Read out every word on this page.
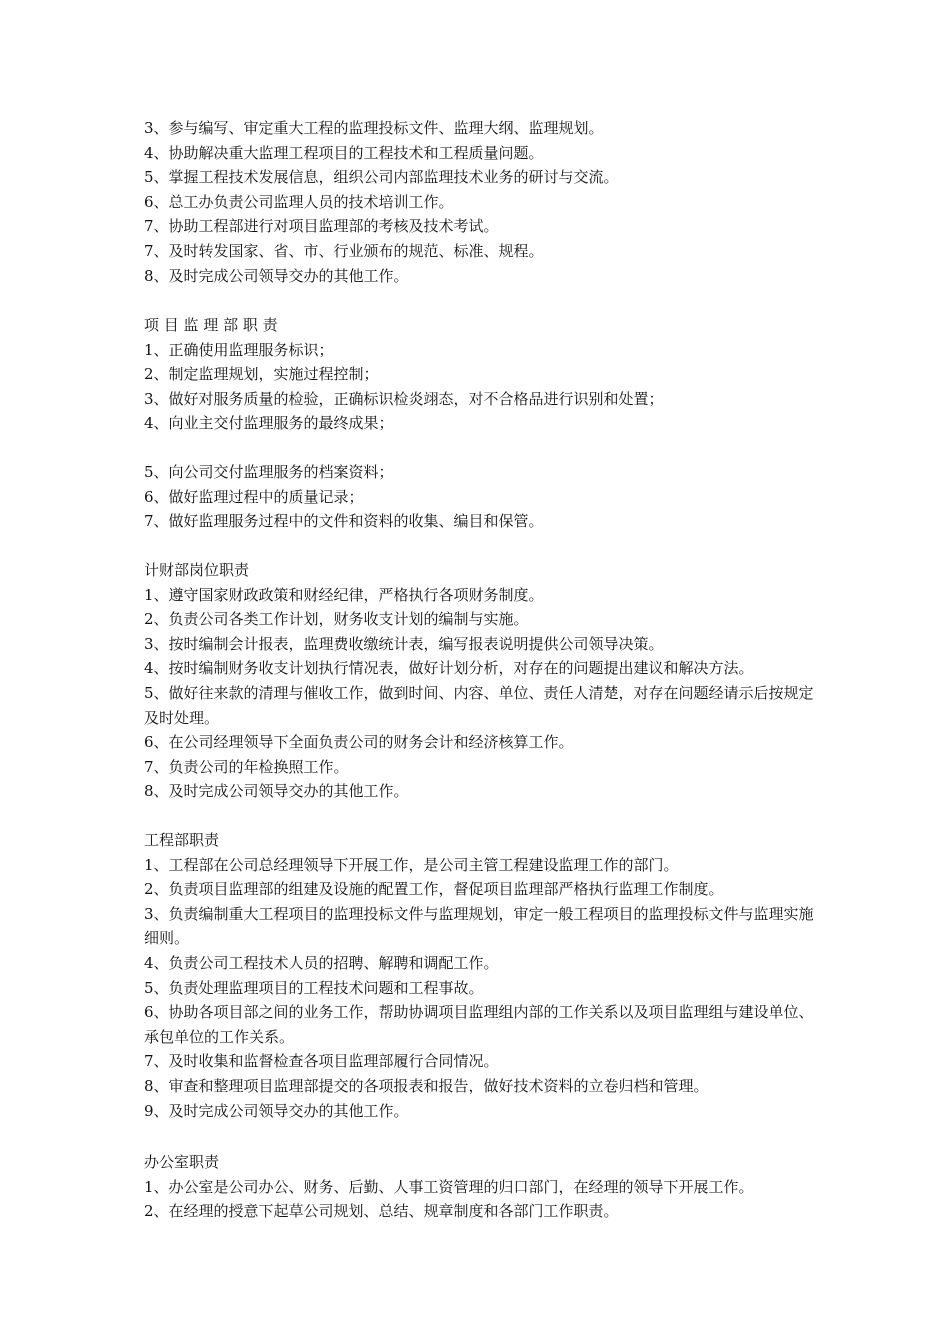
3、参与编写、审定重大工程的监理投标文件、监理大纲、监理规划。
4、协助解决重大监理工程项目的工程技术和工程质量问题。
5、掌握工程技术发展信息，组织公司内部监理技术业务的研讨与交流。
6、总工办负责公司监理人员的技术培训工作。
7、协助工程部进行对项目监理部的考核及技术考试。
7、及时转发国家、省、市、行业颁布的规范、标准、规程。
8、及时完成公司领导交办的其他工作。
项 目 监 理 部 职 责
1、正确使用监理服务标识；
2、制定监理规划，实施过程控制；
3、做好对服务质量的检验，正确标识检炎翊态，对不合格品进行识别和处置；
4、向业主交付监理服务的最终成果；
5、向公司交付监理服务的档案资料；
6、做好监理过程中的质量记录；
7、做好监理服务过程中的文件和资料的收集、编目和保管。
计财部岗位职责
1、遵守国家财政政策和财经纪律，严格执行各项财务制度。
2、负责公司各类工作计划，财务收支计划的编制与实施。
3、按时编制会计报表，监理费收缴统计表，编写报表说明提供公司领导决策。
4、按时编制财务收支计划执行情况表，做好计划分析，对存在的问题提出建议和解决方法。
5、做好往来款的清理与催收工作，做到时间、内容、单位、责任人清楚，对存在问题经请示后按规定及时处理。
6、在公司经理领导下全面负责公司的财务会计和经济核算工作。
7、负责公司的年检换照工作。
8、及时完成公司领导交办的其他工作。
工程部职责
1、工程部在公司总经理领导下开展工作，是公司主管工程建设监理工作的部门。
2、负责项目监理部的组建及设施的配置工作，督促项目监理部严格执行监理工作制度。
3、负责编制重大工程项目的监理投标文件与监理规划，审定一般工程项目的监理投标文件与监理实施细则。
4、负责公司工程技术人员的招聘、解聘和调配工作。
5、负责处理监理项目的工程技术问题和工程事故。
6、协助各项目部之间的业务工作，帮助协调项目监理组内部的工作关系以及项目监理组与建设单位、承包单位的工作关系。
7、及时收集和监督检查各项目监理部履行合同情况。
8、审查和整理项目监理部提交的各项报表和报告，做好技术资料的立卷归档和管理。
9、及时完成公司领导交办的其他工作。
办公室职责
1、办公室是公司办公、财务、后勤、人事工资管理的归口部门，在经理的领导下开展工作。
2、在经理的授意下起草公司规划、总结、规章制度和各部门工作职责。
